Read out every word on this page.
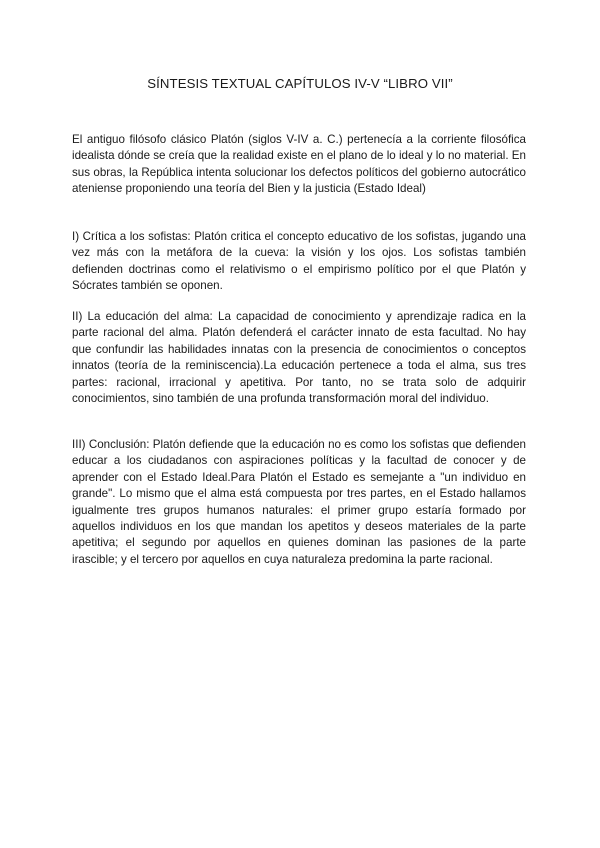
SÍNTESIS TEXTUAL CAPÍTULOS IV-V “LIBRO VII”

El antiguo filósofo clásico Platón (siglos V-IV a. C.) pertenecía a la corriente filosófica idealista dónde se creía que la realidad existe en el plano de lo ideal y lo no material. En sus obras, la República intenta solucionar los defectos políticos del gobierno autocrático ateniense proponiendo una teoría del Bien y la justicia (Estado Ideal)

I) Crítica a los sofistas: Platón critica el concepto educativo de los sofistas, jugando una vez más con la metáfora de la cueva: la visión y los ojos. Los sofistas también defienden doctrinas como el relativismo o el empirismo político por el que Platón y Sócrates también se oponen.

II) La educación del alma: La capacidad de conocimiento y aprendizaje radica en la parte racional del alma. Platón defenderá el carácter innato de esta facultad. No hay que confundir las habilidades innatas con la presencia de conocimientos o conceptos innatos (teoría de la reminiscencia).La educación pertenece a toda el alma, sus tres partes: racional, irracional y apetitiva. Por tanto, no se trata solo de adquirir conocimientos, sino también de una profunda transformación moral del individuo.

III) Conclusión: Platón defiende que la educación no es como los sofistas que defienden educar a los ciudadanos con aspiraciones políticas y la facultad de conocer y de aprender con el Estado Ideal.Para Platón el Estado es semejante a "un individuo en grande". Lo mismo que el alma está compuesta por tres partes, en el Estado hallamos igualmente tres grupos humanos naturales: el primer grupo estaría formado por aquellos individuos en los que mandan los apetitos y deseos materiales de la parte apetitiva; el segundo por aquellos en quienes dominan las pasiones de la parte irascible; y el tercero por aquellos en cuya naturaleza predomina la parte racional.
